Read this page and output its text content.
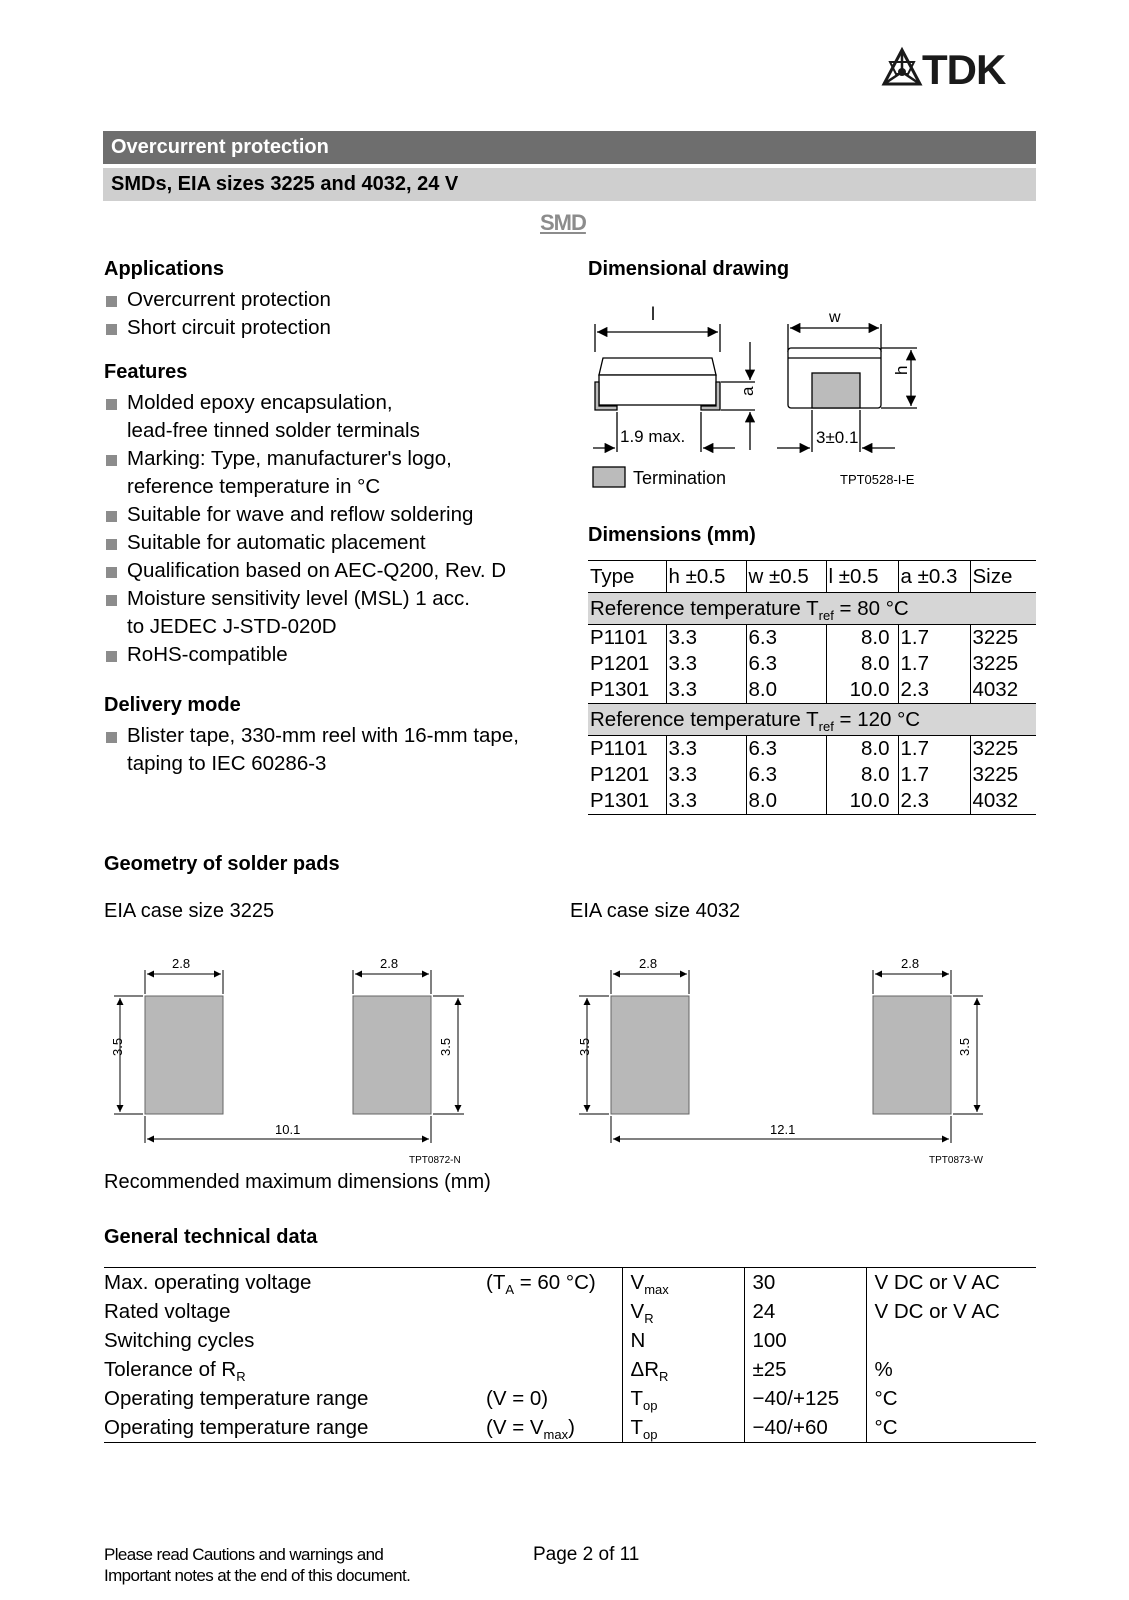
TDK
Overcurrent protection
SMDs, EIA sizes 3225 and 4032, 24 V
SMD
Applications
Overcurrent protection
Short circuit protection
Features
Molded epoxy encapsulation,
lead-free tinned solder terminals
Marking: Type, manufacturer's logo,
reference temperature in °C
Suitable for wave and reflow soldering
Suitable for automatic placement
Qualification based on AEC-Q200, Rev. D
Moisture sensitivity level (MSL) 1 acc.
to JEDEC J-STD-020D
RoHS-compatible
Delivery mode
Blister tape, 330-mm reel with 16-mm tape,
taping to IEC 60286-3
Dimensional drawing
l	w
a
h
1.9 max.	3±0.1
Termination	TPT0528-I-E
Dimensions (mm)
Type	h ±0.5	w ±0.5	l ±0.5	a ±0.3	Size
Reference temperature $T_{ref} = 80$ °C					
P1101	3.3	6.3	8.0	1.7	3225
P1201	3.3	6.3	8.0	1.7	3225
P1301	3.3	8.0	10.0	2.3	4032
Reference temperature $T_{ref} = 120$ °C					
P1101	3.3	6.3	8.0	1.7	3225
P1201	3.3	6.3	8.0	1.7	3225
P1301	3.3	8.0	10.0	2.3	4032
Geometry of solder pads
EIA case size 3225	EIA case size 4032
2.8	2.8
3.5	3.5
10.1
TPT0872-N
2.8	2.8
3.5	3.5
12.1
TPT0873-W
Recommended maximum dimensions (mm)
General technical data
Max. operating voltage	($T_A = 60$ °C)	$V_{max}$	30	V DC or V AC
Rated voltage		$V_R$	24	V DC or V AC
Switching cycles		N	100	
Tolerance of $R_R$		$\Delta R_R$	±25	%
Operating temperature range	(V = 0)	$T_{op}$	−40/+125	°C
Operating temperature range	$(V = V_{max})$	$T_{op}$	−40/+60	°C
Please read Cautions and warnings and
Important notes at the end of this document.
Page 2 of 11
